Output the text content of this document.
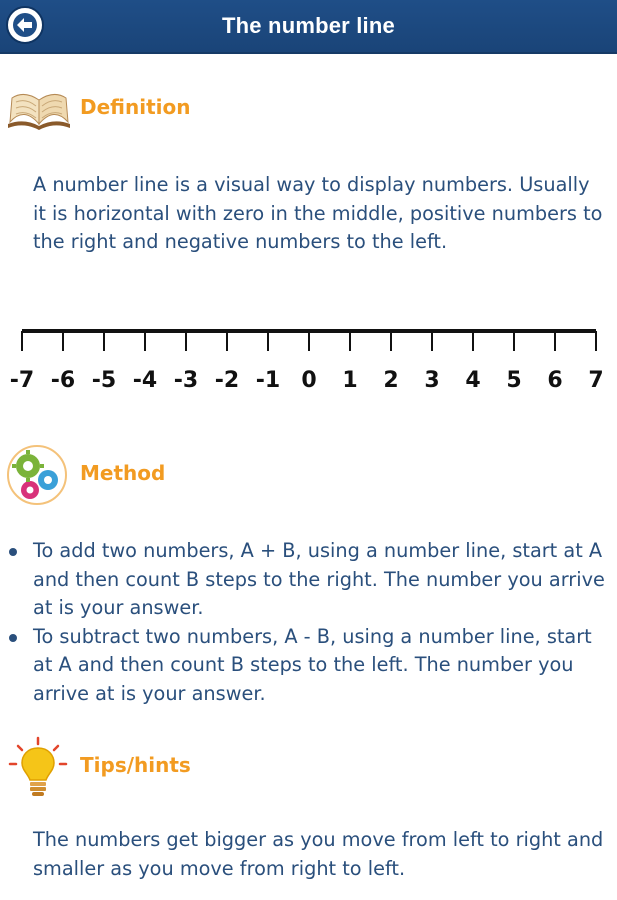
The number line
Definition

A number line is a visual way to display numbers. Usually it is horizontal with zero in the middle, positive numbers to the right and negative numbers to the left.

-7 -6 -5 -4 -3 -2 -1 0 1 2 3 4 5 6 7
Method
To add two numbers, A + B, using a number line, start at A and then count B steps to the right. The number you arrive at is your answer.
To subtract two numbers, A - B, using a number line, start at A and then count B steps to the left. The number you arrive at is your answer.
Tips/hints

The numbers get bigger as you move from left to right and smaller as you move from right to left.
